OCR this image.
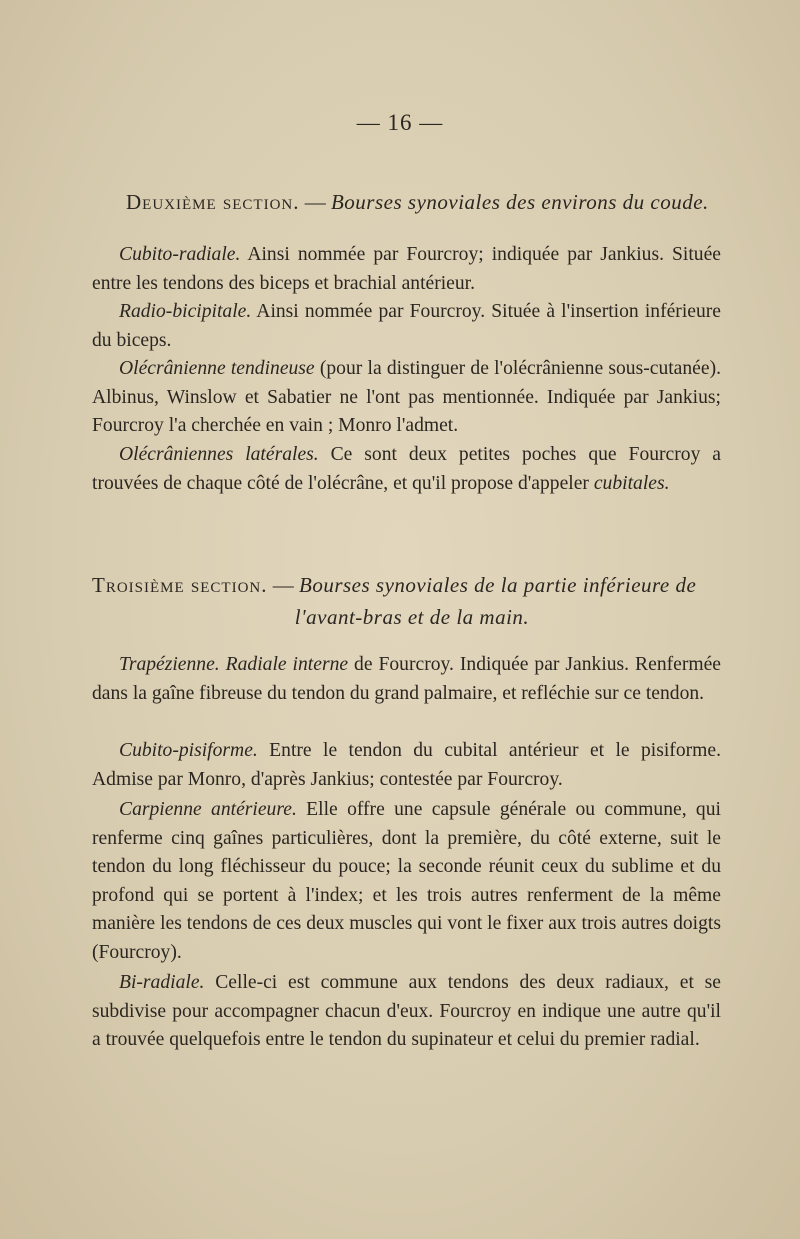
— 16 —
Deuxième section. — Bourses synoviales des environs du coude.
Cubito-radiale. Ainsi nommée par Fourcroy; indiquée par Jankius. Située entre les tendons des biceps et brachial antérieur.
Radio-bicipitale. Ainsi nommée par Fourcroy. Située à l'insertion inférieure du biceps.
Olécrânienne tendineuse (pour la distinguer de l'olécrânienne sous-cutanée). Albinus, Winslow et Sabatier ne l'ont pas mentionnée. Indiquée par Jankius; Fourcroy l'a cherchée en vain ; Monro l'admet.
Olécrâniennes latérales. Ce sont deux petites poches que Fourcroy a trouvées de chaque côté de l'olécrâne, et qu'il propose d'appeler cubitales.
Troisième section. — Bourses synoviales de la partie inférieure de
l'avant-bras et de la main.
Trapézienne. Radiale interne de Fourcroy. Indiquée par Jankius. Renfermée dans la gaîne fibreuse du tendon du grand palmaire, et refléchie sur ce tendon.
Cubito-pisiforme. Entre le tendon du cubital antérieur et le pisiforme. Admise par Monro, d'après Jankius; contestée par Fourcroy.
Carpienne antérieure. Elle offre une capsule générale ou commune, qui renferme cinq gaînes particulières, dont la première, du côté externe, suit le tendon du long fléchisseur du pouce; la seconde réunit ceux du sublime et du profond qui se portent à l'index; et les trois autres renferment de la même manière les tendons de ces deux muscles qui vont le fixer aux trois autres doigts (Fourcroy).
Bi-radiale. Celle-ci est commune aux tendons des deux radiaux, et se subdivise pour accompagner chacun d'eux. Fourcroy en indique une autre qu'il a trouvée quelquefois entre le tendon du supinateur et celui du premier radial.
